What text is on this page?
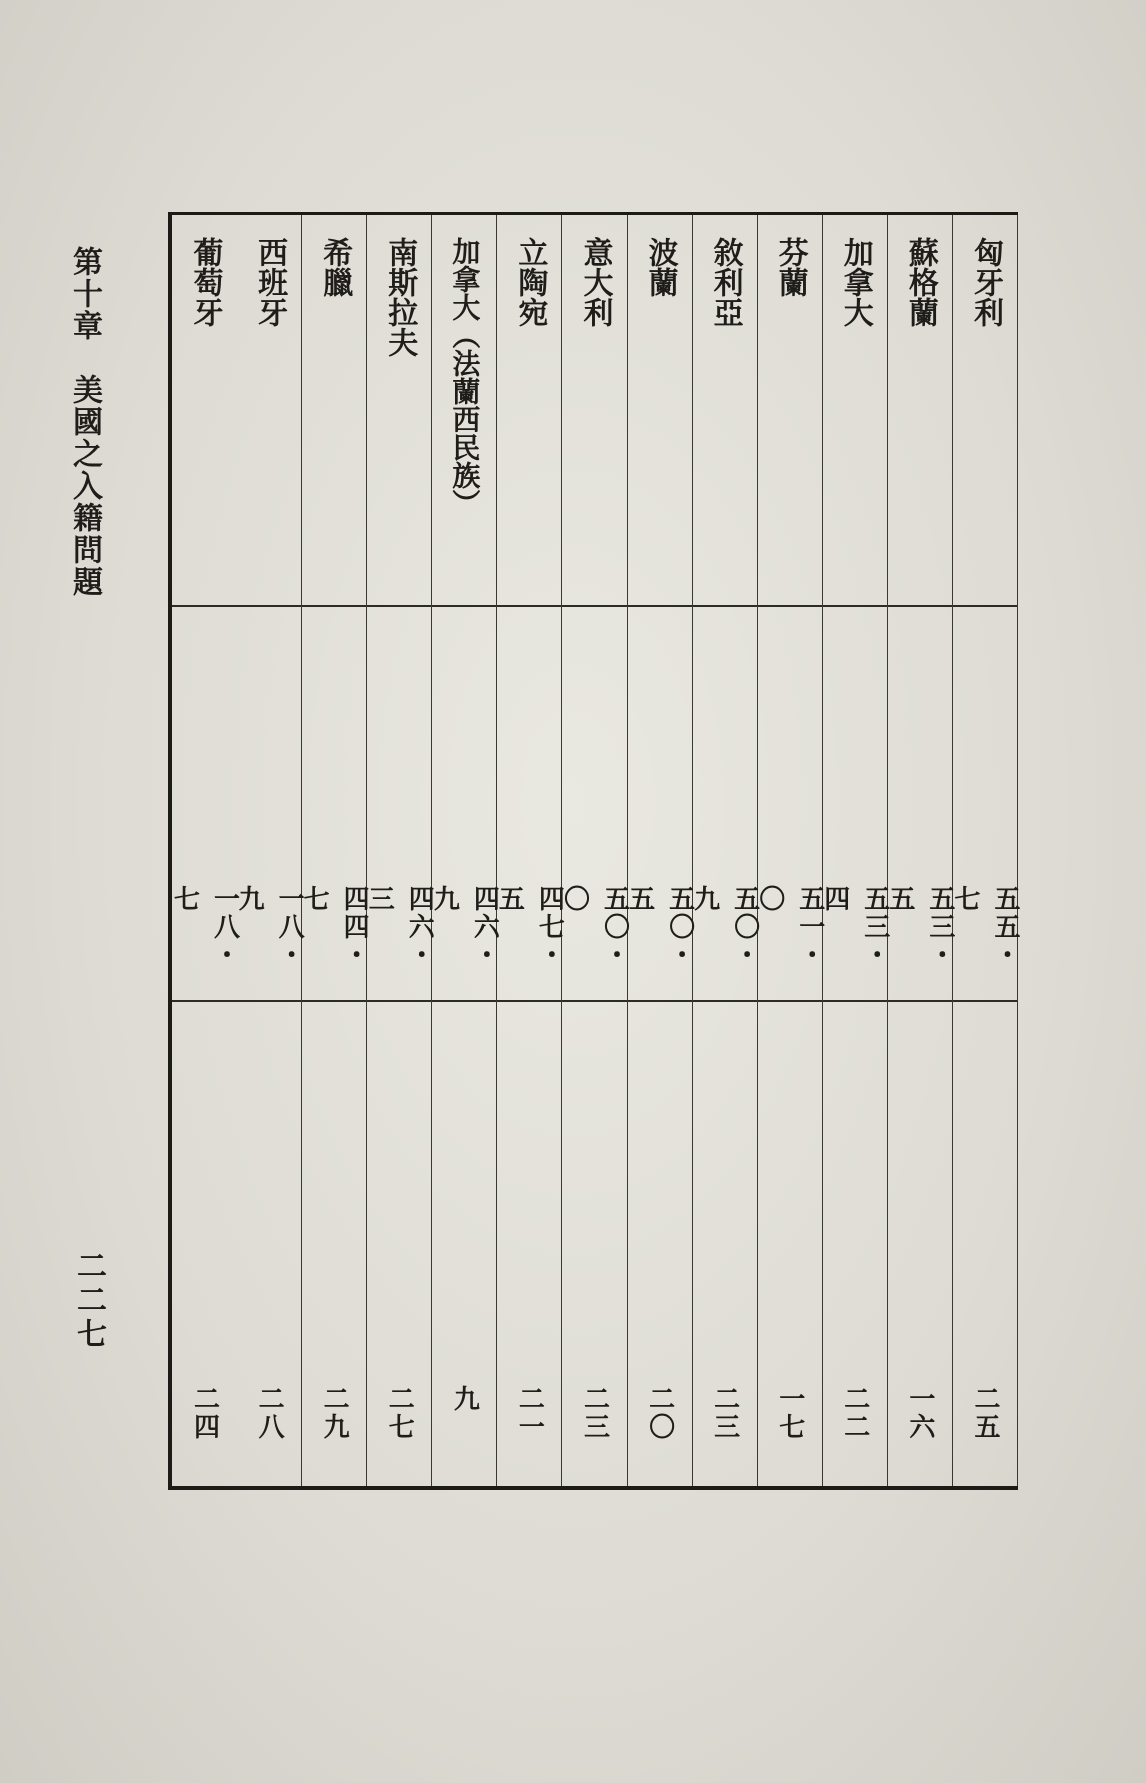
第十章　美國之入籍問題	匈牙利
五五・七
二五
蘇格蘭
五三・五
一六
加拿大
五三・四
二二
芬蘭
五一・〇
一七
敘利亞
五〇・九
二三
波蘭
五〇・五
二〇
意大利
五〇・〇
二三
立陶宛
四七・五
二一
加拿大（法蘭西民族）
四六・九
九
南斯拉夫
四六・三
二七
希臘
四四・七
二九
西班牙
一八・九
二八
葡萄牙
一八・七
二四
二二七
